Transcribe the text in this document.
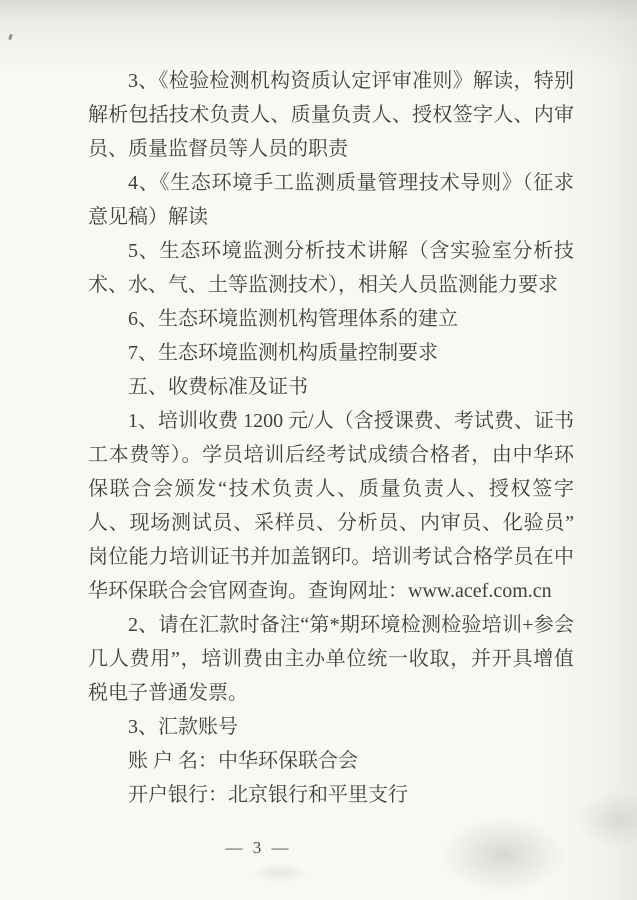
3、《检验检测机构资质认定评审准则》解读，特别解析包括技术负责人、质量负责人、授权签字人、内审员、质量监督员等人员的职责

4、《生态环境手工监测质量管理技术导则》（征求意见稿）解读

5、生态环境监测分析技术讲解（含实验室分析技术、水、气、土等监测技术），相关人员监测能力要求

6、生态环境监测机构管理体系的建立

7、生态环境监测机构质量控制要求

五、收费标准及证书

1、培训收费 1200 元/人（含授课费、考试费、证书工本费等）。学员培训后经考试成绩合格者，由中华环保联合会颁发“技术负责人、质量负责人、授权签字人、现场测试员、采样员、分析员、内审员、化验员”岗位能力培训证书并加盖钢印。培训考试合格学员在中华环保联合会官网查询。查询网址：www.acef.com.cn

2、请在汇款时备注“第*期环境检测检验培训+参会几人费用”，培训费由主办单位统一收取，并开具增值税电子普通发票。

3、汇款账号

账 户 名：中华环保联合会

开户银行：北京银行和平里支行

— 3 —
